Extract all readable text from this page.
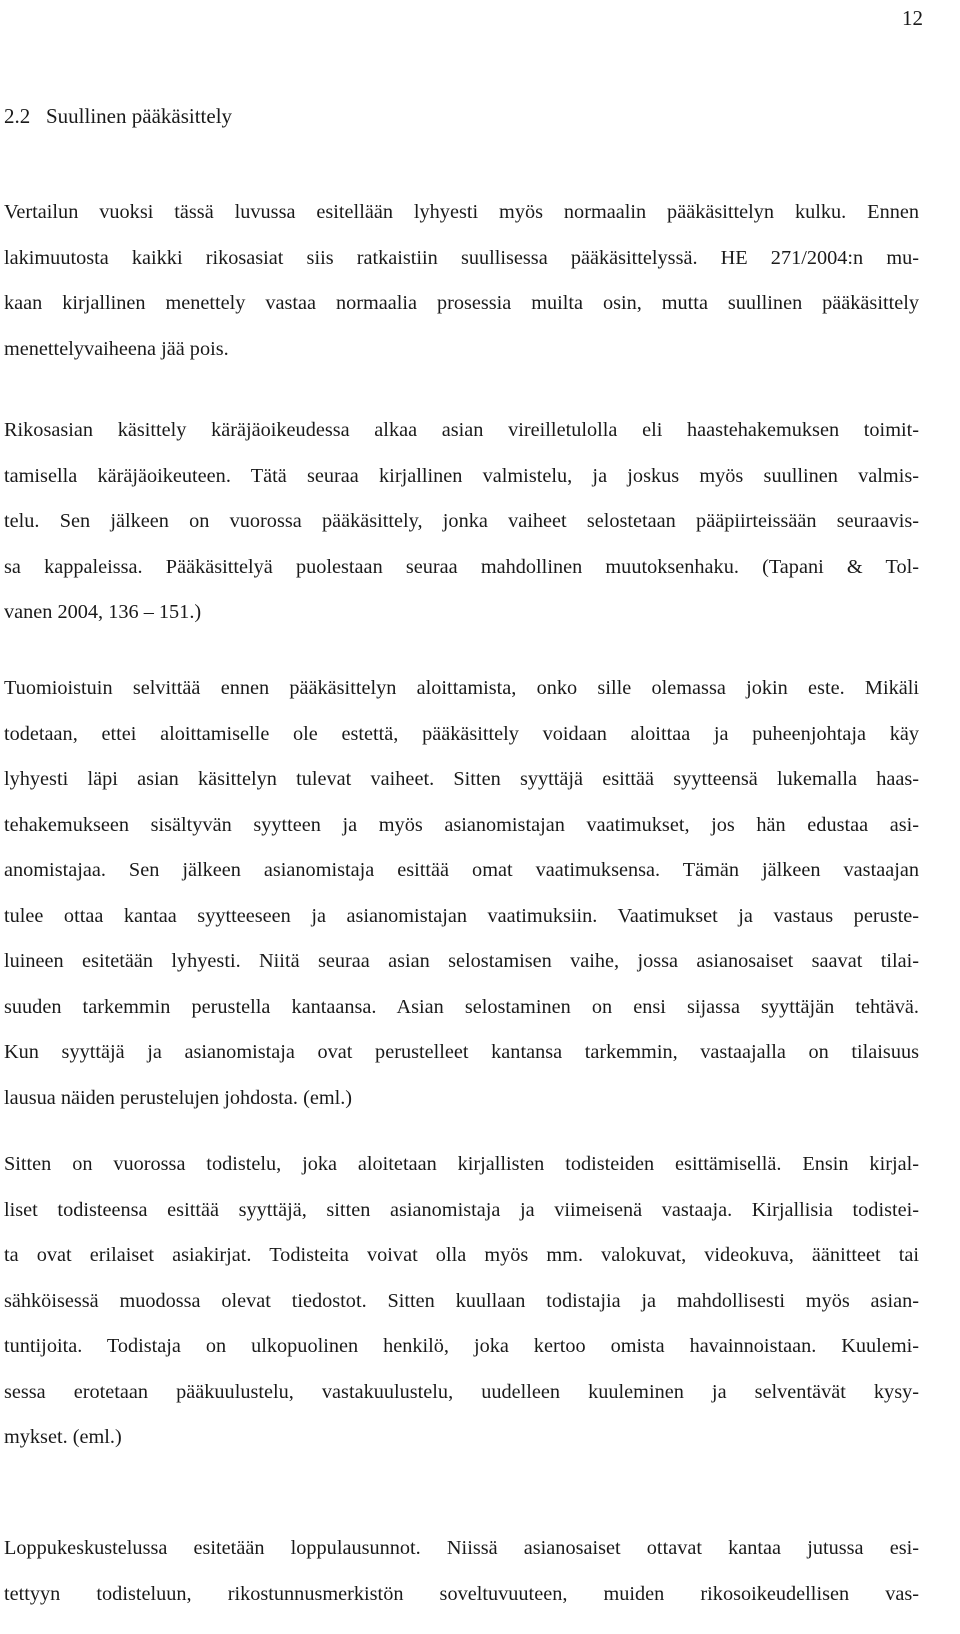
12
2.2 Suullinen pääkäsittely
Vertailun vuoksi tässä luvussa esitellään lyhyesti myös normaalin pääkäsittelyn kulku. Ennen
lakimuutosta kaikki rikosasiat siis ratkaistiin suullisessa pääkäsittelyssä. HE 271/2004:n mu-
kaan kirjallinen menettely vastaa normaalia prosessia muilta osin, mutta suullinen pääkäsittely
menettelyvaiheena jää pois.
Rikosasian käsittely käräjäoikeudessa alkaa asian vireilletulolla eli haastehakemuksen toimit-
tamisella käräjäoikeuteen. Tätä seuraa kirjallinen valmistelu, ja joskus myös suullinen valmis-
telu. Sen jälkeen on vuorossa pääkäsittely, jonka vaiheet selostetaan pääpiirteissään seuraavis-
sa kappaleissa. Pääkäsittelyä puolestaan seuraa mahdollinen muutoksenhaku. (Tapani & Tol-
vanen 2004, 136 – 151.)
Tuomioistuin selvittää ennen pääkäsittelyn aloittamista, onko sille olemassa jokin este. Mikäli
todetaan, ettei aloittamiselle ole estettä, pääkäsittely voidaan aloittaa ja puheenjohtaja käy
lyhyesti läpi asian käsittelyn tulevat vaiheet. Sitten syyttäjä esittää syytteensä lukemalla haas-
tehakemukseen sisältyvän syytteen ja myös asianomistajan vaatimukset, jos hän edustaa asi-
anomistajaa. Sen jälkeen asianomistaja esittää omat vaatimuksensa. Tämän jälkeen vastaajan
tulee ottaa kantaa syytteeseen ja asianomistajan vaatimuksiin. Vaatimukset ja vastaus peruste-
luineen esitetään lyhyesti. Niitä seuraa asian selostamisen vaihe, jossa asianosaiset saavat tilai-
suuden tarkemmin perustella kantaansa. Asian selostaminen on ensi sijassa syyttäjän tehtävä.
Kun syyttäjä ja asianomistaja ovat perustelleet kantansa tarkemmin, vastaajalla on tilaisuus
lausua näiden perustelujen johdosta. (eml.)
Sitten on vuorossa todistelu, joka aloitetaan kirjallisten todisteiden esittämisellä. Ensin kirjal-
liset todisteensa esittää syyttäjä, sitten asianomistaja ja viimeisenä vastaaja. Kirjallisia todistei-
ta ovat erilaiset asiakirjat. Todisteita voivat olla myös mm. valokuvat, videokuva, äänitteet tai
sähköisessä muodossa olevat tiedostot. Sitten kuullaan todistajia ja mahdollisesti myös asian-
tuntijoita. Todistaja on ulkopuolinen henkilö, joka kertoo omista havainnoistaan. Kuulemi-
sessa erotetaan pääkuulustelu, vastakuulustelu, uudelleen kuuleminen ja selventävät kysy-
mykset. (eml.)
Loppukeskustelussa esitetään loppulausunnot. Niissä asianosaiset ottavat kantaa jutussa esi-
tettyyn todisteluun, rikostunnusmerkistön soveltuvuuteen, muiden rikosoikeudellisen vas-
